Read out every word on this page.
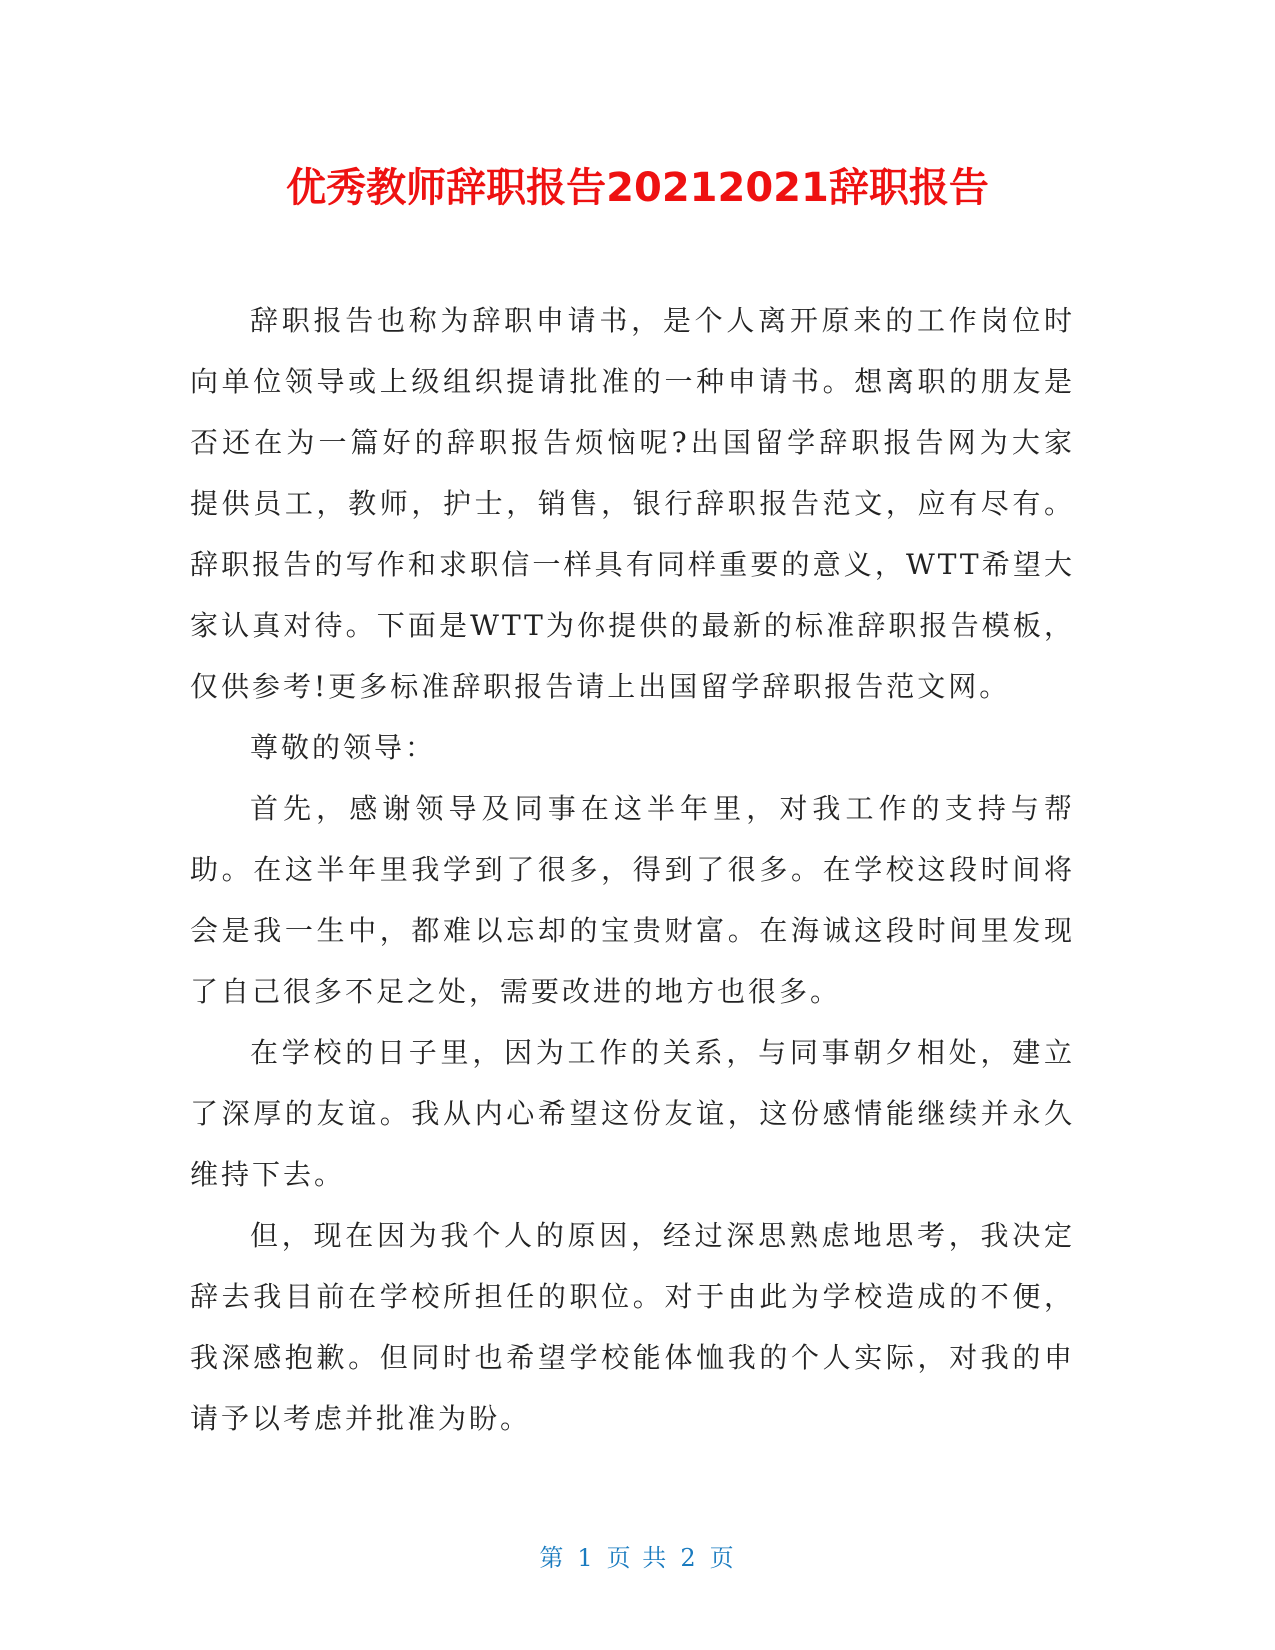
优秀教师辞职报告20212021辞职报告

辞职报告也称为辞职申请书，是个人离开原来的工作岗位时向单位领导或上级组织提请批准的一种申请书。想离职的朋友是否还在为一篇好的辞职报告烦恼呢?出国留学辞职报告网为大家提供员工，教师，护士，销售，银行辞职报告范文，应有尽有。辞职报告的写作和求职信一样具有同样重要的意义，WTT希望大家认真对待。下面是WTT为你提供的最新的标准辞职报告模板，仅供参考!更多标准辞职报告请上出国留学辞职报告范文网。

尊敬的领导：

首先，感谢领导及同事在这半年里，对我工作的支持与帮助。在这半年里我学到了很多，得到了很多。在学校这段时间将会是我一生中，都难以忘却的宝贵财富。在海诚这段时间里发现了自己很多不足之处，需要改进的地方也很多。

在学校的日子里，因为工作的关系，与同事朝夕相处，建立了深厚的友谊。我从内心希望这份友谊，这份感情能继续并永久维持下去。

但，现在因为我个人的原因，经过深思熟虑地思考，我决定辞去我目前在学校所担任的职位。对于由此为学校造成的不便，我深感抱歉。但同时也希望学校能体恤我的个人实际，对我的申请予以考虑并批准为盼。

第 1 页 共 2 页
